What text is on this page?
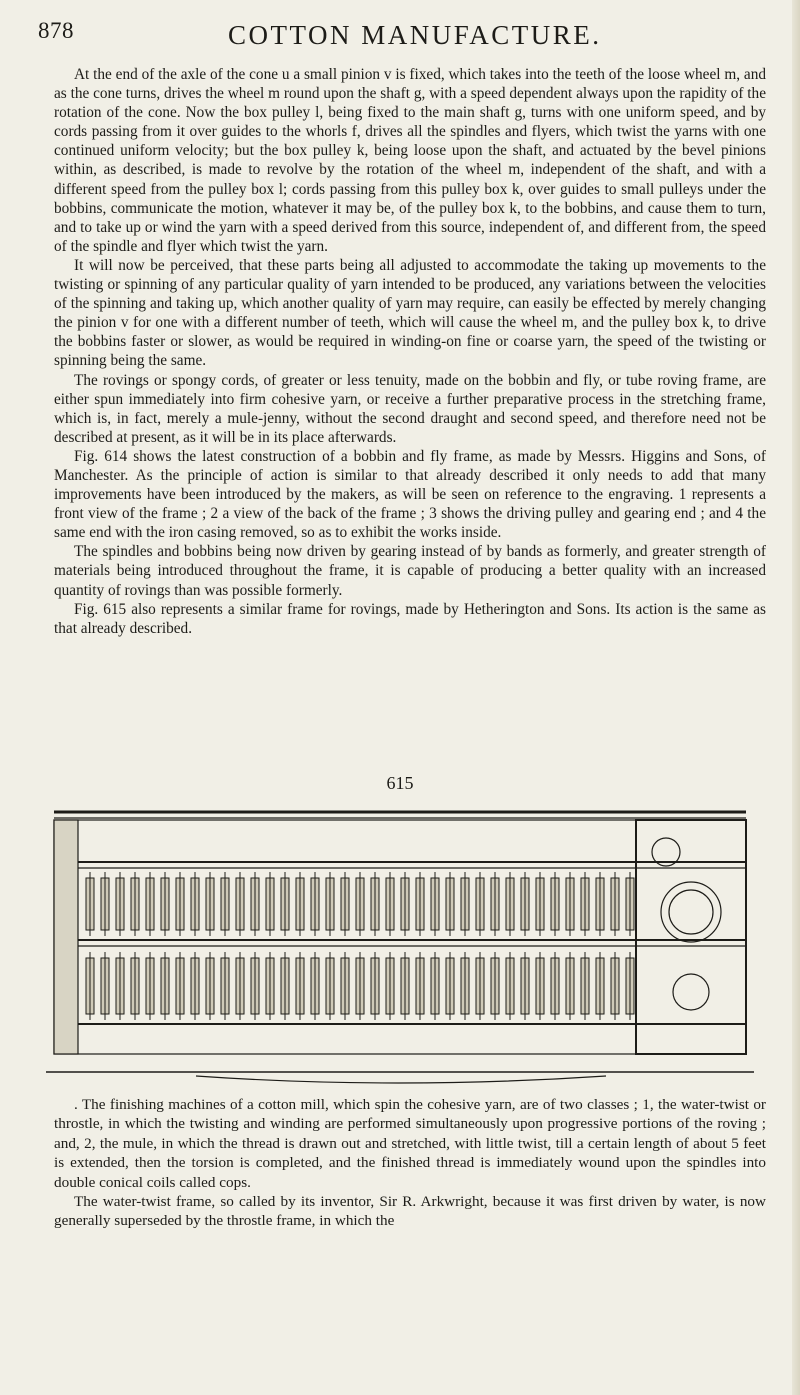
878	COTTON MANUFACTURE.

At the end of the axle of the cone u a small pinion v is fixed, which takes into the teeth of the loose wheel m, and as the cone turns, drives the wheel m round upon the shaft g, with a speed dependent always upon the rapidity of the rotation of the cone. Now the box pulley l, being fixed to the main shaft g, turns with one uniform speed, and by cords passing from it over guides to the whorls f, drives all the spindles and flyers, which twist the yarns with one continued uniform velocity; but the box pulley k, being loose upon the shaft, and actuated by the bevel pinions within, as described, is made to revolve by the rotation of the wheel m, independent of the shaft, and with a different speed from the pulley box l; cords passing from this pulley box k, over guides to small pulleys under the bobbins, communicate the motion, whatever it may be, of the pulley box k, to the bobbins, and cause them to turn, and to take up or wind the yarn with a speed derived from this source, independent of, and different from, the speed of the spindle and flyer which twist the yarn.

It will now be perceived, that these parts being all adjusted to accommodate the taking up movements to the twisting or spinning of any particular quality of yarn intended to be produced, any variations between the velocities of the spinning and taking up, which another quality of yarn may require, can easily be effected by merely changing the pinion v for one with a different number of teeth, which will cause the wheel m, and the pulley box k, to drive the bobbins faster or slower, as would be required in winding-on fine or coarse yarn, the speed of the twisting or spinning being the same.

The rovings or spongy cords, of greater or less tenuity, made on the bobbin and fly, or tube roving frame, are either spun immediately into firm cohesive yarn, or receive a further preparative process in the stretching frame, which is, in fact, merely a mule-jenny, without the second draught and second speed, and therefore need not be described at present, as it will be in its place afterwards.

Fig. 614 shows the latest construction of a bobbin and fly frame, as made by Messrs. Higgins and Sons, of Manchester. As the principle of action is similar to that already described it only needs to add that many improvements have been introduced by the makers, as will be seen on reference to the engraving. 1 represents a front view of the frame ; 2 a view of the back of the frame ; 3 shows the driving pulley and gearing end ; and 4 the same end with the iron casing removed, so as to exhibit the works inside.

The spindles and bobbins being now driven by gearing instead of by bands as formerly, and greater strength of materials being introduced throughout the frame, it is capable of producing a better quality with an increased quantity of rovings than was possible formerly.

Fig. 615 also represents a similar frame for rovings, made by Hetherington and Sons. Its action is the same as that already described.

615

. The finishing machines of a cotton mill, which spin the cohesive yarn, are of two classes ; 1, the water-twist or throstle, in which the twisting and winding are performed simultaneously upon progressive portions of the roving ; and, 2, the mule, in which the thread is drawn out and stretched, with little twist, till a certain length of about 5 feet is extended, then the torsion is completed, and the finished thread is immediately wound upon the spindles into double conical coils called cops.

The water-twist frame, so called by its inventor, Sir R. Arkwright, because it was first driven by water, is now generally superseded by the throstle frame, in which the
